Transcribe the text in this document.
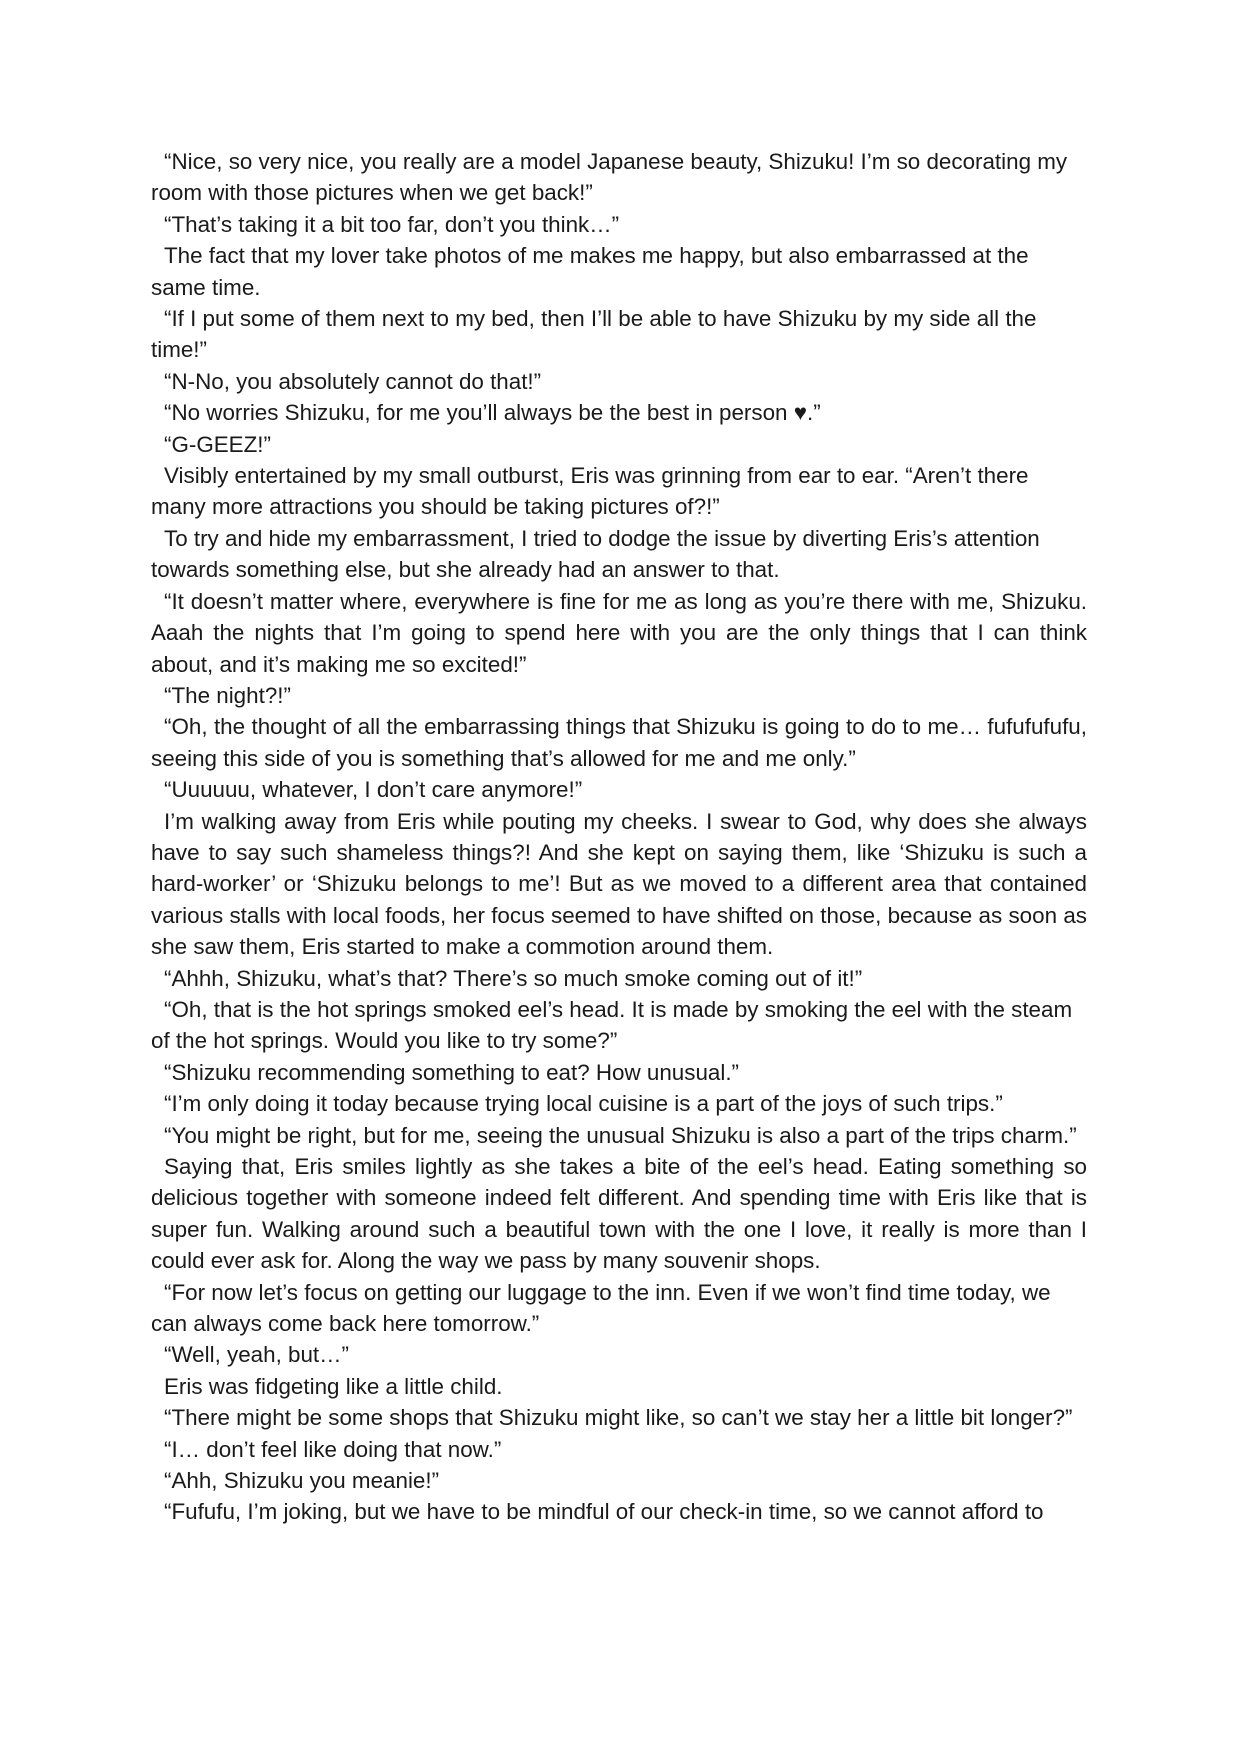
“Nice, so very nice, you really are a model Japanese beauty, Shizuku! I’m so decorating my room with those pictures when we get back!”

“That’s taking it a bit too far, don’t you think…”

The fact that my lover take photos of me makes me happy, but also embarrassed at the same time.

“If I put some of them next to my bed, then I’ll be able to have Shizuku by my side all the time!”

“N-No, you absolutely cannot do that!”

“No worries Shizuku, for me you’ll always be the best in person ♥.”

“G-GEEZ!”

Visibly entertained by my small outburst, Eris was grinning from ear to ear. “Aren’t there many more attractions you should be taking pictures of?!”

To try and hide my embarrassment, I tried to dodge the issue by diverting Eris’s attention towards something else, but she already had an answer to that.

“It doesn’t matter where, everywhere is fine for me as long as you’re there with me, Shizuku. Aaah the nights that I’m going to spend here with you are the only things that I can think about, and it’s making me so excited!”

“The night?!”

“Oh, the thought of all the embarrassing things that Shizuku is going to do to me… fufufufufu, seeing this side of you is something that’s allowed for me and me only.”

“Uuuuuu, whatever, I don’t care anymore!”

I’m walking away from Eris while pouting my cheeks. I swear to God, why does she always have to say such shameless things?! And she kept on saying them, like ‘Shizuku is such a hard-worker’ or ‘Shizuku belongs to me’! But as we moved to a different area that contained various stalls with local foods, her focus seemed to have shifted on those, because as soon as she saw them, Eris started to make a commotion around them.

“Ahhh, Shizuku, what’s that? There’s so much smoke coming out of it!”

“Oh, that is the hot springs smoked eel’s head. It is made by smoking the eel with the steam of the hot springs. Would you like to try some?”

“Shizuku recommending something to eat? How unusual.”

“I’m only doing it today because trying local cuisine is a part of the joys of such trips.”

“You might be right, but for me, seeing the unusual Shizuku is also a part of the trips charm.”

Saying that, Eris smiles lightly as she takes a bite of the eel’s head. Eating something so delicious together with someone indeed felt different. And spending time with Eris like that is super fun. Walking around such a beautiful town with the one I love, it really is more than I could ever ask for. Along the way we pass by many souvenir shops.

“For now let’s focus on getting our luggage to the inn. Even if we won’t find time today, we can always come back here tomorrow.”

“Well, yeah, but…”

Eris was fidgeting like a little child.

“There might be some shops that Shizuku might like, so can’t we stay her a little bit longer?”

“I… don’t feel like doing that now.”

“Ahh, Shizuku you meanie!”

“Fufufu, I’m joking, but we have to be mindful of our check-in time, so we cannot afford to
